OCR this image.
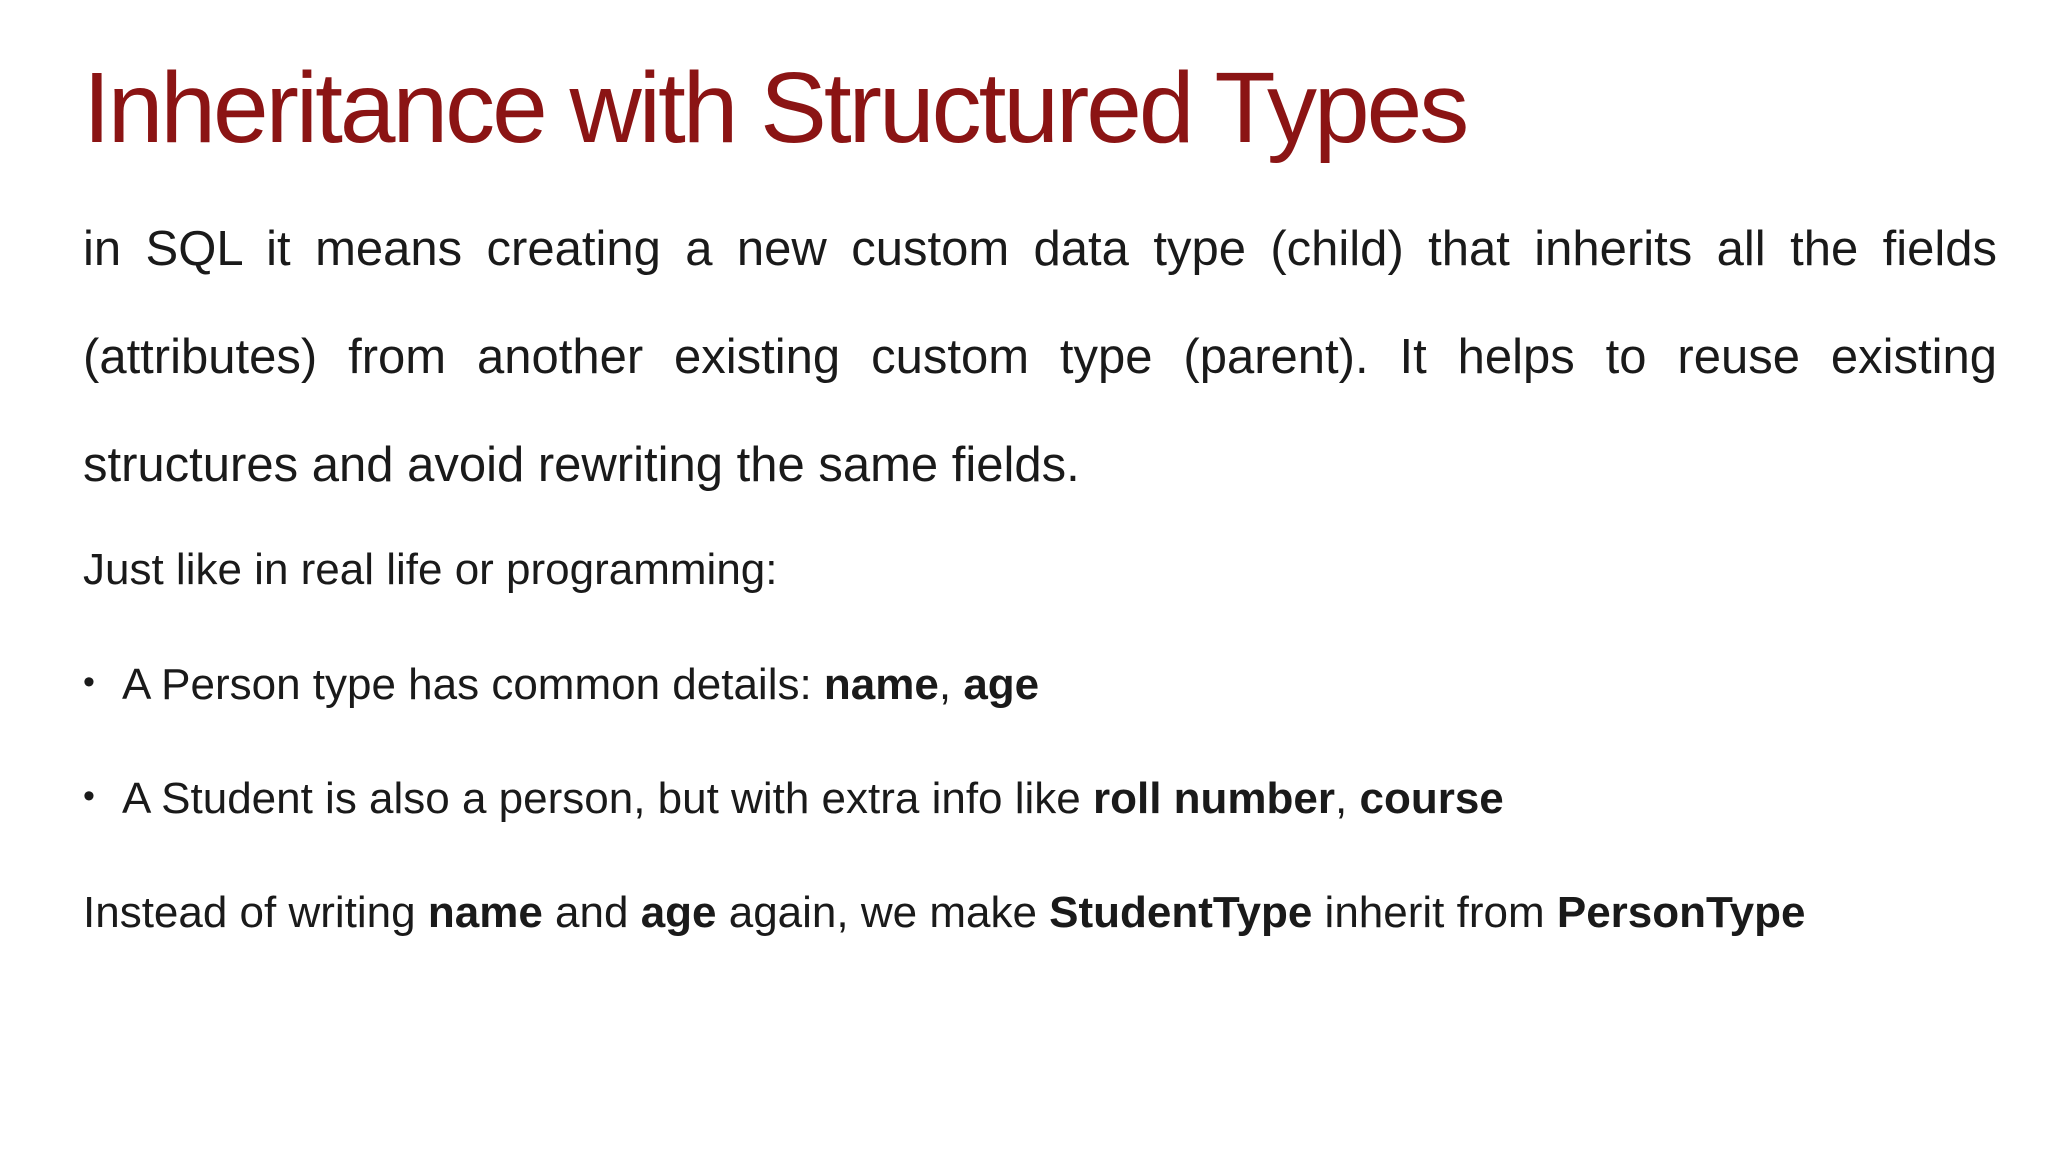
Inheritance with Structured Types
in SQL it means creating a new custom data type (child) that inherits all the fields (attributes) from another existing custom type (parent). It helps to reuse existing structures and avoid rewriting the same fields.
Just like in real life or programming:
• A Person type has common details: name, age
• A Student is also a person, but with extra info like roll number, course
Instead of writing name and age again, we make StudentType inherit from PersonType
